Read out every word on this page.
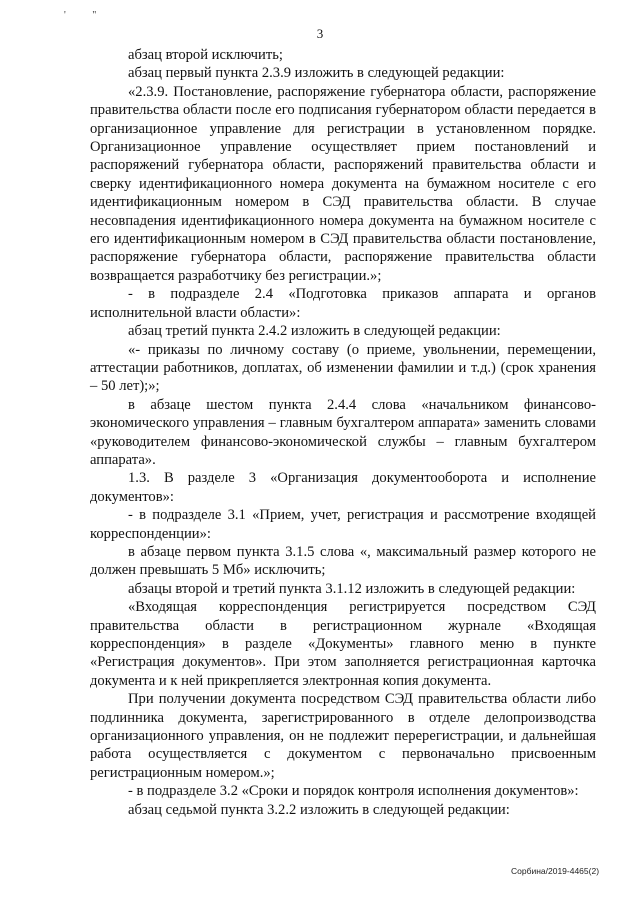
' "
3

абзац второй исключить;

абзац первый пункта 2.3.9 изложить в следующей редакции:

«2.3.9. Постановление, распоряжение губернатора области, распоряжение правительства области после его подписания губернатором области передается в организационное управление для регистрации в установленном порядке. Организационное управление осуществляет прием постановлений и распоряжений губернатора области, распоряжений правительства области и сверку идентификационного номера документа на бумажном носителе с его идентификационным номером в СЭД правительства области. В случае несовпадения идентификационного номера документа на бумажном носителе с его идентификационным номером в СЭД правительства области постановление, распоряжение губернатора области, распоряжение правительства области возвращается разработчику без регистрации.»;

- в подразделе 2.4 «Подготовка приказов аппарата и органов исполнительной власти области»:

абзац третий пункта 2.4.2 изложить в следующей редакции:

«- приказы по личному составу (о приеме, увольнении, перемещении, аттестации работников, доплатах, об изменении фамилии и т.д.) (срок хранения – 50 лет);»;

в абзаце шестом пункта 2.4.4 слова «начальником финансово-экономического управления – главным бухгалтером аппарата» заменить словами «руководителем финансово-экономической службы – главным бухгалтером аппарата».

1.3. В разделе 3 «Организация документооборота и исполнение документов»:

- в подразделе 3.1 «Прием, учет, регистрация и рассмотрение входящей корреспонденции»:

в абзаце первом пункта 3.1.5 слова «, максимальный размер которого не должен превышать 5 Мб» исключить;

абзацы второй и третий пункта 3.1.12 изложить в следующей редакции:

«Входящая корреспонденция регистрируется посредством СЭД правительства области в регистрационном журнале «Входящая корреспонденция» в разделе «Документы» главного меню в пункте «Регистрация документов». При этом заполняется регистрационная карточка документа и к ней прикрепляется электронная копия документа.

При получении документа посредством СЭД правительства области либо подлинника документа, зарегистрированного в отделе делопроизводства организационного управления, он не подлежит перерегистрации, и дальнейшая работа осуществляется с документом с первоначально присвоенным регистрационным номером.»;

- в подразделе 3.2 «Сроки и порядок контроля исполнения документов»:

абзац седьмой пункта 3.2.2 изложить в следующей редакции:

Сорбина/2019-4465(2)
